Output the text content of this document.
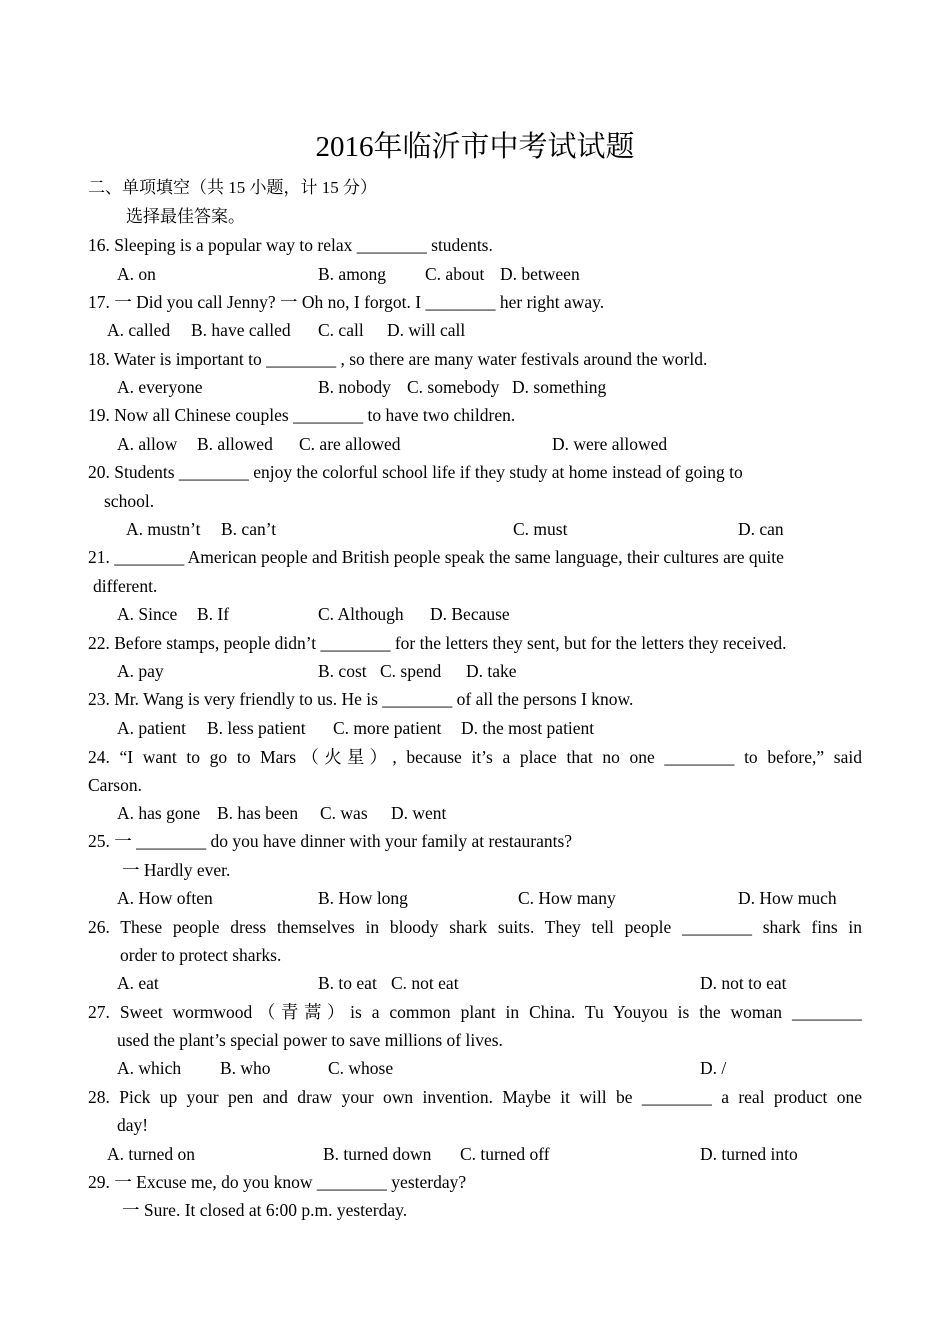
2016年临沂市中考试试题
二、单项填空（共 15 小题，计 15 分）
选择最佳答案。
16. Sleeping is a popular way to relax ________ students.
A. on	B. among C. about D. between
17. 一 Did you call Jenny? 一 Oh no, I forgot. I ________ her right away.
A. called B. have called C. call D. will call
18. Water is important to ________ , so there are many water festivals around the world.
A. everyone	B. nobody C. somebody D. something
19. Now all Chinese couples ________ to have two children.
A. allow B. allowed C. are allowed	D. were allowed
20. Students ________ enjoy the colorful school life if they study at home instead of going to
school.
A. mustn’t B. can’t	C. must	D. can
21. ________ American people and British people speak the same language, their cultures are quite
different.
A. Since B. If	C. Although D. Because
22. Before stamps, people didn’t ________ for the letters they sent, but for the letters they received.
A. pay	B. cost C. spend D. take
23. Mr. Wang is very friendly to us. He is ________ of all the persons I know.
A. patient B. less patient C. more patient D. the most patient
24. “I want to go to Mars（火星）, because it’s a place that no one ________ to before,” said
Carson.
A. has gone B. has been C. was D. went
25. 一 ________ do you have dinner with your family at restaurants?
一 Hardly ever.
A. How often	B. How long	C. How many	D. How much
26. These people dress themselves in bloody shark suits. They tell people ________ shark fins in
order to protect sharks.
A. eat	B. to eat C. not eat	D. not to eat
27. Sweet wormwood（青蒿）is a common plant in China. Tu Youyou is the woman ________
used the plant’s special power to save millions of lives.
A. which B. who	C. whose	D. /
28. Pick up your pen and draw your own invention. Maybe it will be ________ a real product one
day!
A. turned on	B. turned down C. turned off	D. turned into
29. 一 Excuse me, do you know ________ yesterday?
一 Sure. It closed at 6:00 p.m. yesterday.
